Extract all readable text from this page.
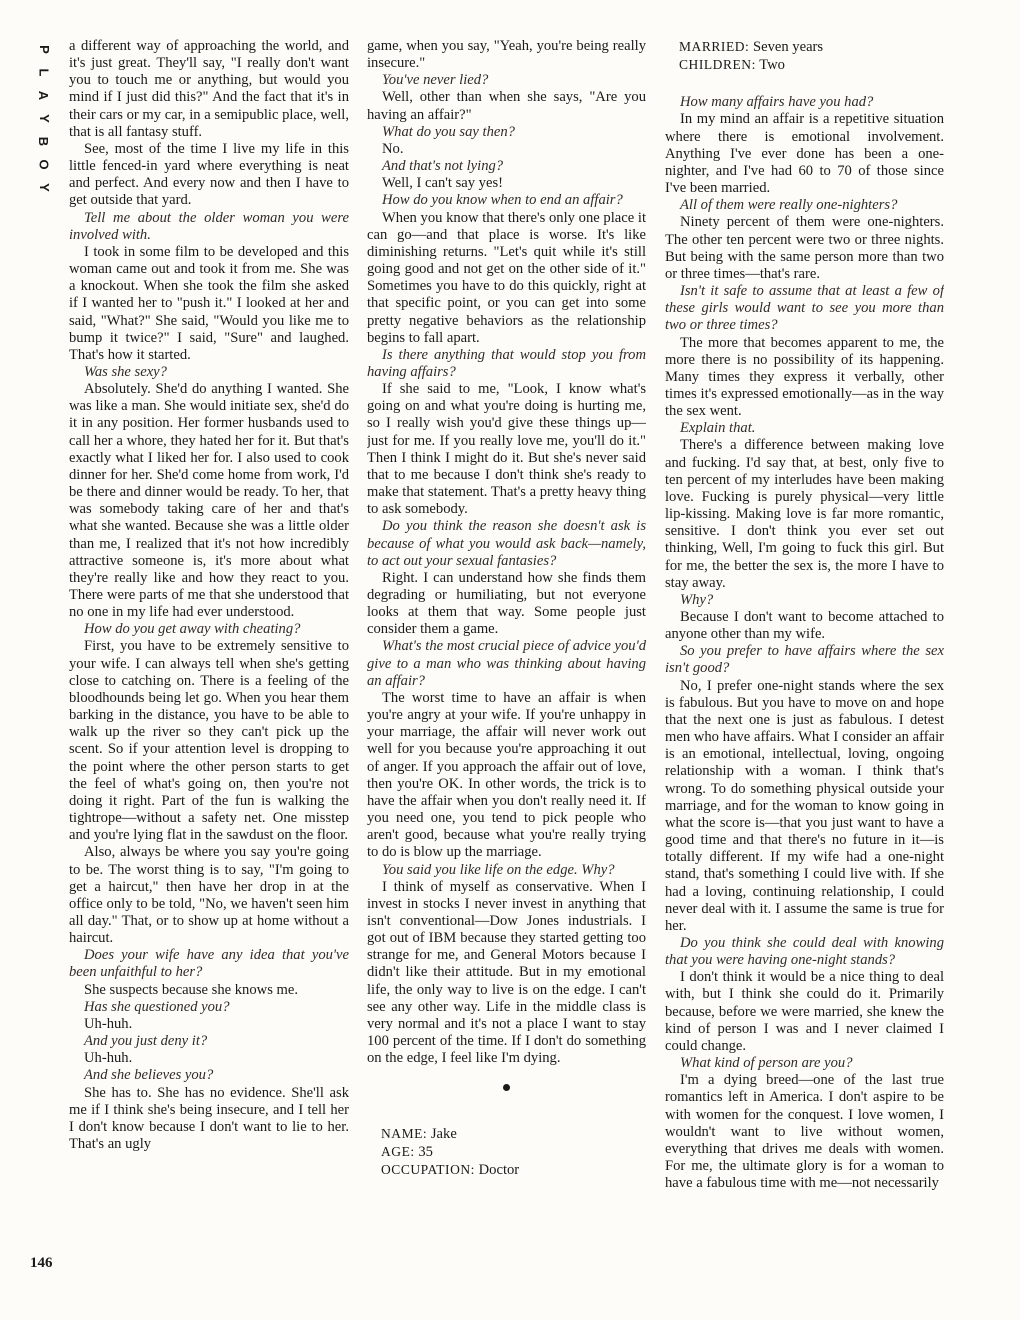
P
L
A
Y
B
O
Y
146

a different way of approaching the world, and it's just great. They'll say, "I really don't want you to touch me or anything, but would you mind if I just did this?" And the fact that it's in their cars or my car, in a semipublic place, well, that is all fantasy stuff.

See, most of the time I live my life in this little fenced-in yard where everything is neat and perfect. And every now and then I have to get outside that yard.

Tell me about the older woman you were involved with.

I took in some film to be developed and this woman came out and took it from me. She was a knockout. When she took the film she asked if I wanted her to "push it." I looked at her and said, "What?" She said, "Would you like me to bump it twice?" I said, "Sure" and laughed. That's how it started.

Was she sexy?

Absolutely. She'd do anything I wanted. She was like a man. She would initiate sex, she'd do it in any position. Her former husbands used to call her a whore, they hated her for it. But that's exactly what I liked her for. I also used to cook dinner for her. She'd come home from work, I'd be there and dinner would be ready. To her, that was somebody taking care of her and that's what she wanted. Because she was a little older than me, I realized that it's not how incredibly attractive someone is, it's more about what they're really like and how they react to you. There were parts of me that she understood that no one in my life had ever understood.

How do you get away with cheating?

First, you have to be extremely sensitive to your wife. I can always tell when she's getting close to catching on. There is a feeling of the bloodhounds being let go. When you hear them barking in the distance, you have to be able to walk up the river so they can't pick up the scent. So if your attention level is dropping to the point where the other person starts to get the feel of what's going on, then you're not doing it right. Part of the fun is walking the tightrope—without a safety net. One misstep and you're lying flat in the sawdust on the floor.

Also, always be where you say you're going to be. The worst thing is to say, "I'm going to get a haircut," then have her drop in at the office only to be told, "No, we haven't seen him all day." That, or to show up at home without a haircut.

Does your wife have any idea that you've been unfaithful to her?

She suspects because she knows me.

Has she questioned you?

Uh-huh.

And you just deny it?

Uh-huh.

And she believes you?

She has to. She has no evidence. She'll ask me if I think she's being insecure, and I tell her I don't know because I don't want to lie to her. That's an ugly

game, when you say, "Yeah, you're being really insecure."

You've never lied?

Well, other than when she says, "Are you having an affair?"

What do you say then?

No.

And that's not lying?

Well, I can't say yes!

How do you know when to end an affair?

When you know that there's only one place it can go—and that place is worse. It's like diminishing returns. "Let's quit while it's still going good and not get on the other side of it." Sometimes you have to do this quickly, right at that specific point, or you can get into some pretty negative behaviors as the relationship begins to fall apart.

Is there anything that would stop you from having affairs?

If she said to me, "Look, I know what's going on and what you're doing is hurting me, so I really wish you'd give these things up—just for me. If you really love me, you'll do it." Then I think I might do it. But she's never said that to me because I don't think she's ready to make that statement. That's a pretty heavy thing to ask somebody.

Do you think the reason she doesn't ask is because of what you would ask back—namely, to act out your sexual fantasies?

Right. I can understand how she finds them degrading or humiliating, but not everyone looks at them that way. Some people just consider them a game.

What's the most crucial piece of advice you'd give to a man who was thinking about having an affair?

The worst time to have an affair is when you're angry at your wife. If you're unhappy in your marriage, the affair will never work out well for you because you're approaching it out of anger. If you approach the affair out of love, then you're OK. In other words, the trick is to have the affair when you don't really need it. If you need one, you tend to pick people who aren't good, because what you're really trying to do is blow up the marriage.

You said you like life on the edge. Why?

I think of myself as conservative. When I invest in stocks I never invest in anything that isn't conventional—Dow Jones industrials. I got out of IBM because they started getting too strange for me, and General Motors because I didn't like their attitude. But in my emotional life, the only way to live is on the edge. I can't see any other way. Life in the middle class is very normal and it's not a place I want to stay 100 percent of the time. If I don't do something on the edge, I feel like I'm dying.

NAME: Jake

AGE: 35

OCCUPATION: Doctor

MARRIED: Seven years

CHILDREN: Two

How many affairs have you had?

In my mind an affair is a repetitive situation where there is emotional involvement. Anything I've ever done has been a one-nighter, and I've had 60 to 70 of those since I've been married.

All of them were really one-nighters?

Ninety percent of them were one-nighters. The other ten percent were two or three nights. But being with the same person more than two or three times—that's rare.

Isn't it safe to assume that at least a few of these girls would want to see you more than two or three times?

The more that becomes apparent to me, the more there is no possibility of its happening. Many times they express it verbally, other times it's expressed emotionally—as in the way the sex went.

Explain that.

There's a difference between making love and fucking. I'd say that, at best, only five to ten percent of my interludes have been making love. Fucking is purely physical—very little lip-kissing. Making love is far more romantic, sensitive. I don't think you ever set out thinking, Well, I'm going to fuck this girl. But for me, the better the sex is, the more I have to stay away.

Why?

Because I don't want to become attached to anyone other than my wife.

So you prefer to have affairs where the sex isn't good?

No, I prefer one-night stands where the sex is fabulous. But you have to move on and hope that the next one is just as fabulous. I detest men who have affairs. What I consider an affair is an emotional, intellectual, loving, ongoing relationship with a woman. I think that's wrong. To do something physical outside your marriage, and for the woman to know going in what the score is—that you just want to have a good time and that there's no future in it—is totally different. If my wife had a one-night stand, that's something I could live with. If she had a loving, continuing relationship, I could never deal with it. I assume the same is true for her.

Do you think she could deal with knowing that you were having one-night stands?

I don't think it would be a nice thing to deal with, but I think she could do it. Primarily because, before we were married, she knew the kind of person I was and I never claimed I could change.

What kind of person are you?

I'm a dying breed—one of the last true romantics left in America. I don't aspire to be with women for the conquest. I love women, I wouldn't want to live without women, everything that drives me deals with women. For me, the ultimate glory is for a woman to have a fabulous time with me—not necessarily
